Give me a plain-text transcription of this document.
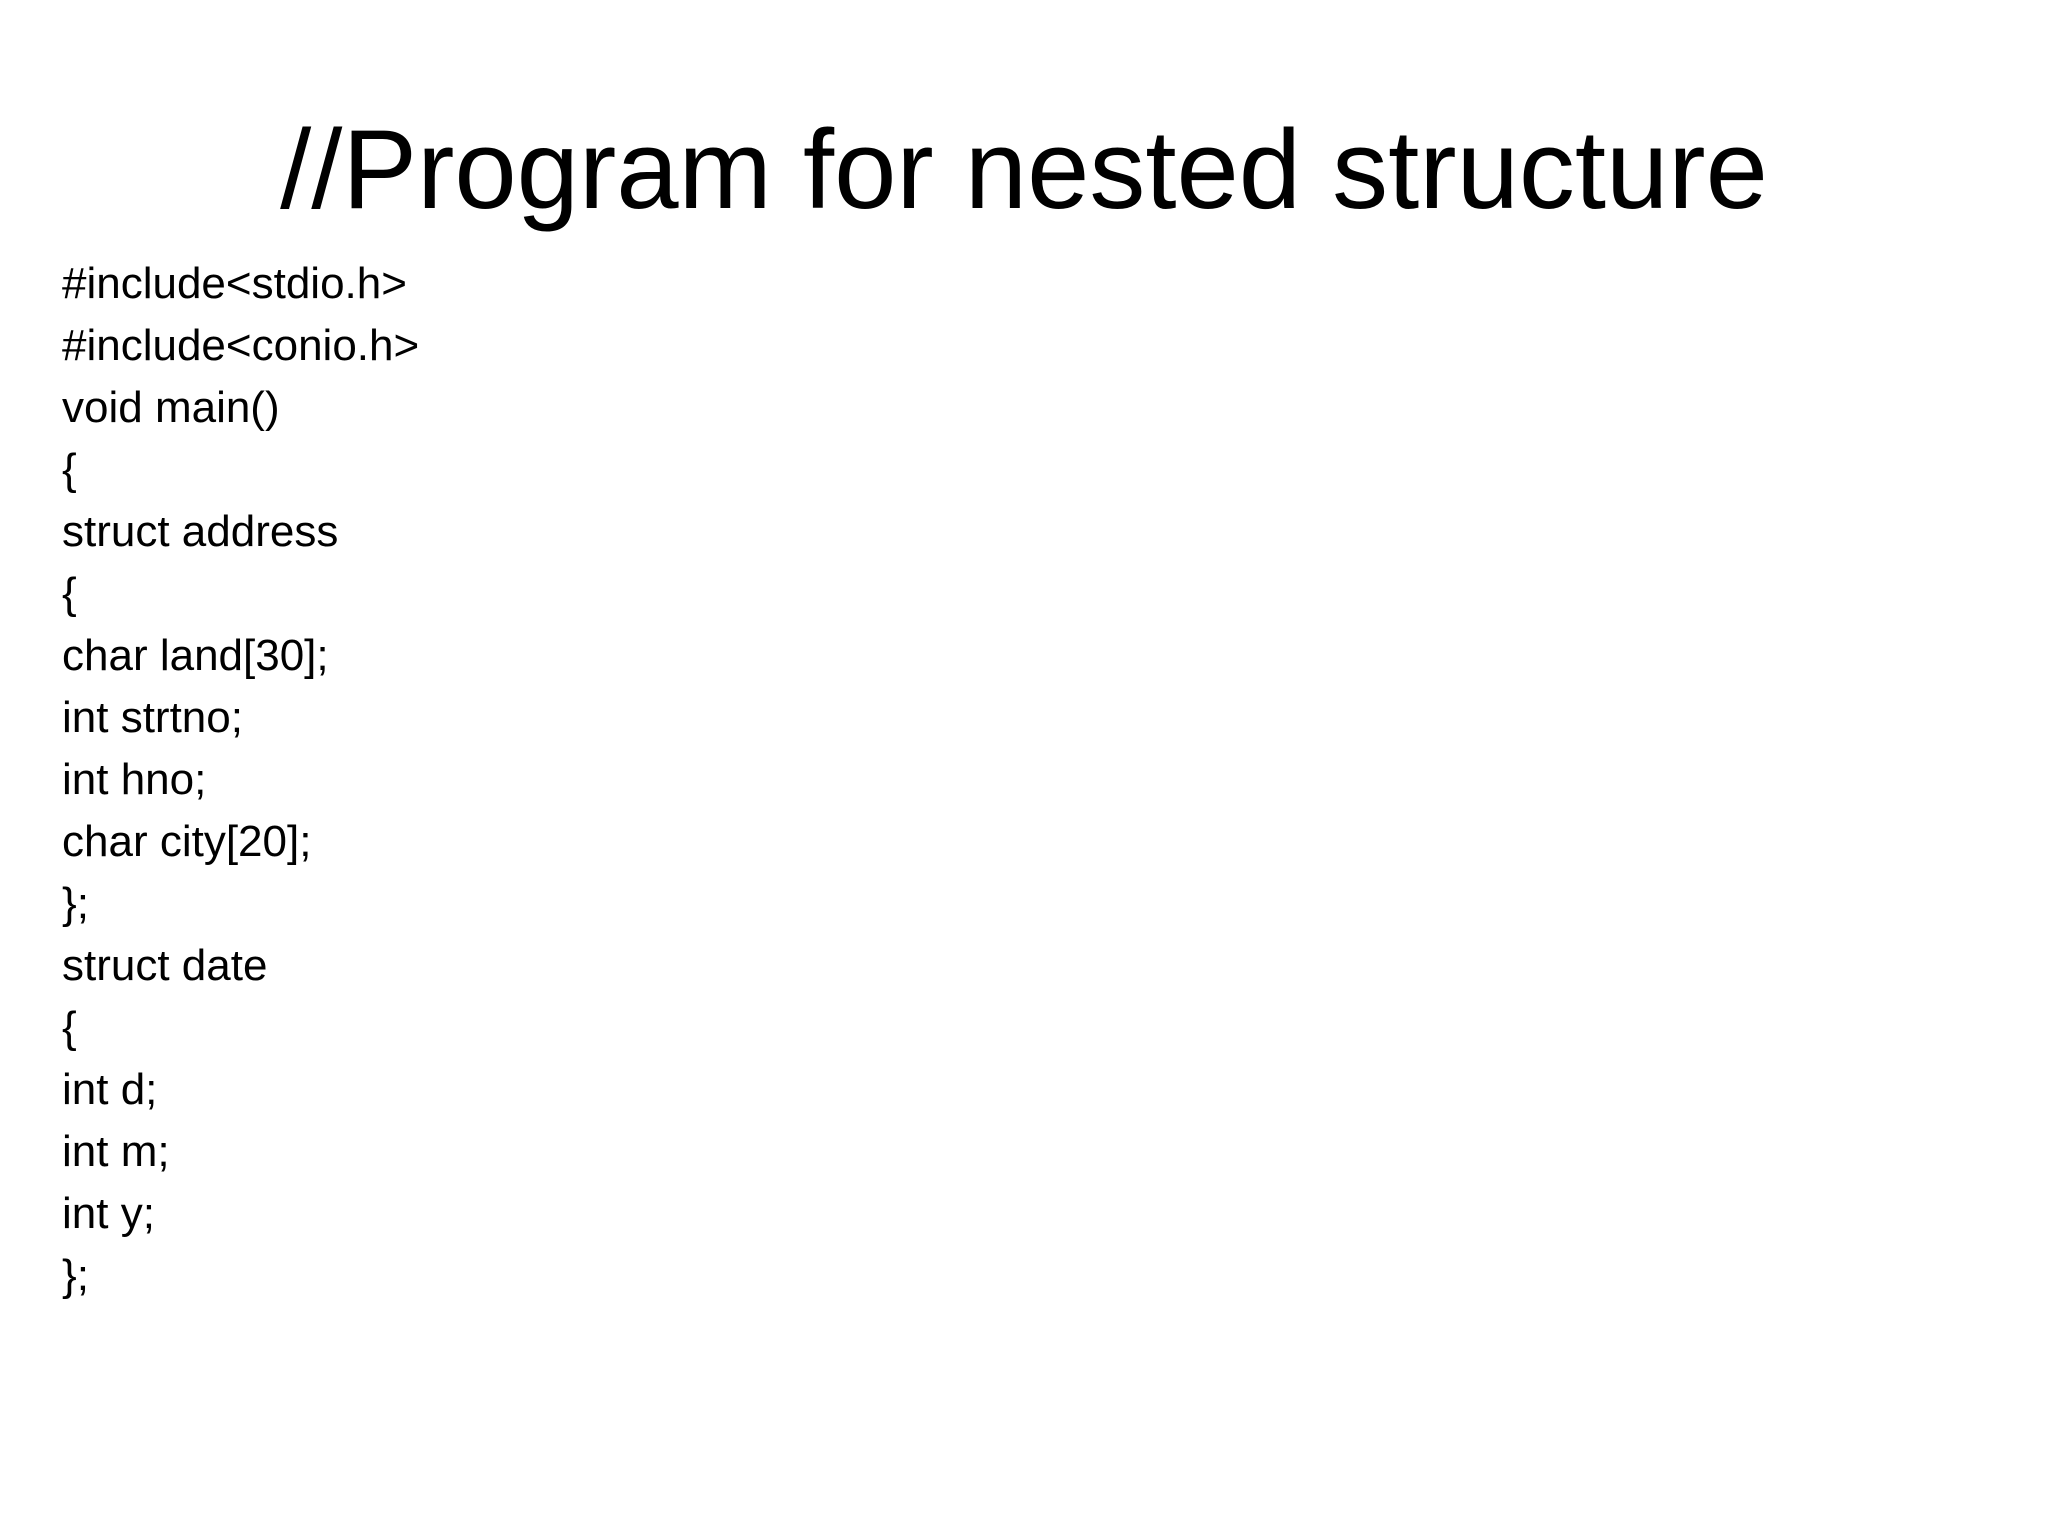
//Program for nested structure
#include<stdio.h>
#include<conio.h>
void main()
{
struct address
{
char land[30];
int strtno;
int hno;
char city[20];
};
struct date
{
int d;
int m;
int y;
};
